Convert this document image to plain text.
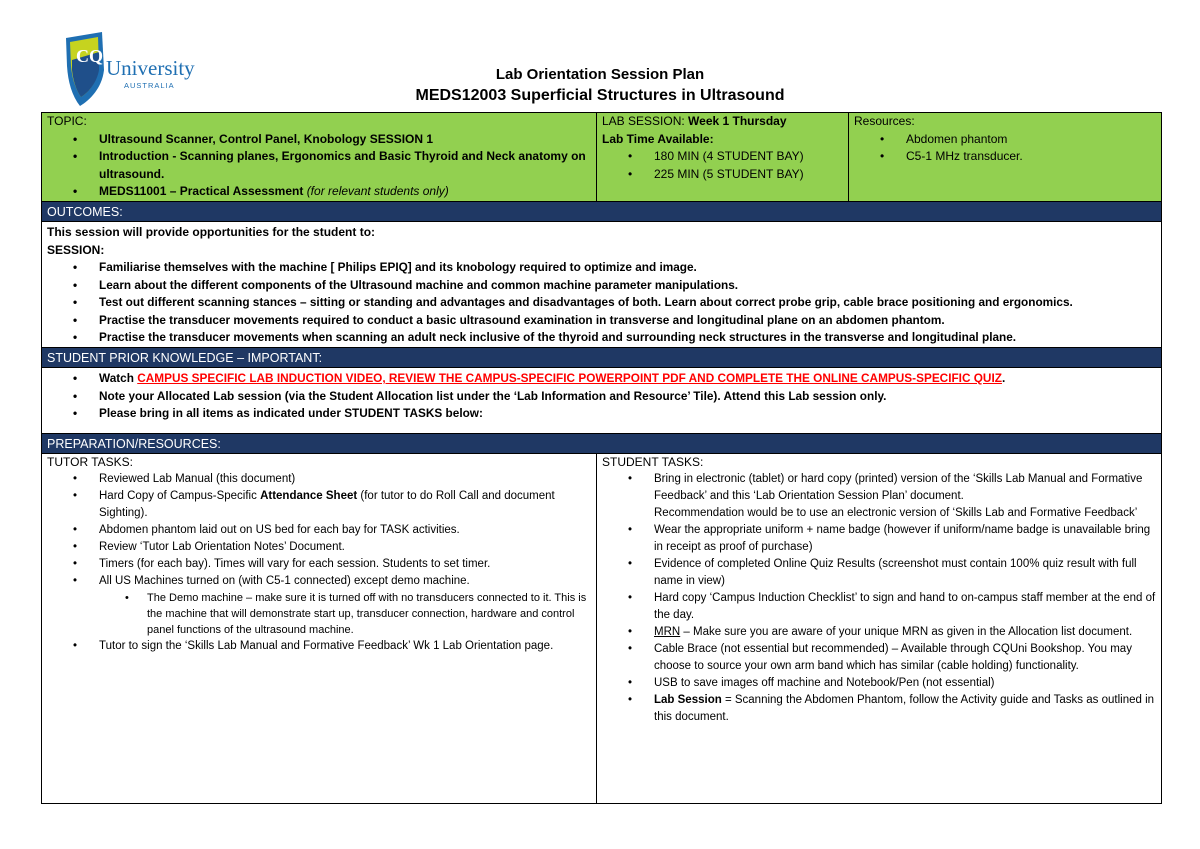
CQ University
AUSTRALIA
Lab Orientation Session Plan
MEDS12003 Superficial Structures in Ultrasound
TOPIC:
• Ultrasound Scanner, Control Panel, Knobology SESSION 1
• Introduction - Scanning planes, Ergonomics and Basic Thyroid and Neck anatomy on ultrasound.
• MEDS11001 – Practical Assessment (for relevant students only)
LAB SESSION: Week 1 Thursday
Lab Time Available:
• 180 MIN (4 STUDENT BAY)
• 225 MIN (5 STUDENT BAY)
Resources:
• Abdomen phantom
• C5-1 MHz transducer.
OUTCOMES:
This session will provide opportunities for the student to:
SESSION:
• Familiarise themselves with the machine [ Philips EPIQ] and its knobology required to optimize and image.
• Learn about the different components of the Ultrasound machine and common machine parameter manipulations.
• Test out different scanning stances – sitting or standing and advantages and disadvantages of both. Learn about correct probe grip, cable brace positioning and ergonomics.
• Practise the transducer movements required to conduct a basic ultrasound examination in transverse and longitudinal plane on an abdomen phantom.
• Practise the transducer movements when scanning an adult neck inclusive of the thyroid and surrounding neck structures in the transverse and longitudinal plane.
STUDENT PRIOR KNOWLEDGE – IMPORTANT:
• Watch CAMPUS SPECIFIC LAB INDUCTION VIDEO, REVIEW THE CAMPUS-SPECIFIC POWERPOINT PDF AND COMPLETE THE ONLINE CAMPUS-SPECIFIC QUIZ.
• Note your Allocated Lab session (via the Student Allocation list under the ‘Lab Information and Resource’ Tile). Attend this Lab session only.
• Please bring in all items as indicated under STUDENT TASKS below:
PREPARATION/RESOURCES:
TUTOR TASKS:
• Reviewed Lab Manual (this document)
• Hard Copy of Campus-Specific Attendance Sheet (for tutor to do Roll Call and document Sighting).
• Abdomen phantom laid out on US bed for each bay for TASK activities.
• Review ‘Tutor Lab Orientation Notes’ Document.
• Timers (for each bay). Times will vary for each session. Students to set timer.
• All US Machines turned on (with C5-1 connected) except demo machine.
• The Demo machine – make sure it is turned off with no transducers connected to it. This is the machine that will demonstrate start up, transducer connection, hardware and control panel functions of the ultrasound machine.
• Tutor to sign the ‘Skills Lab Manual and Formative Feedback’ Wk 1 Lab Orientation page.
STUDENT TASKS:
• Bring in electronic (tablet) or hard copy (printed) version of the ‘Skills Lab Manual and Formative Feedback’ and this ‘Lab Orientation Session Plan’ document.
Recommendation would be to use an electronic version of ‘Skills Lab and Formative Feedback’
• Wear the appropriate uniform + name badge (however if uniform/name badge is unavailable bring in receipt as proof of purchase)
• Evidence of completed Online Quiz Results (screenshot must contain 100% quiz result with full name in view)
• Hard copy ‘Campus Induction Checklist’ to sign and hand to on-campus staff member at the end of the day.
• MRN – Make sure you are aware of your unique MRN as given in the Allocation list document.
• Cable Brace (not essential but recommended) – Available through CQUni Bookshop. You may choose to source your own arm band which has similar (cable holding) functionality.
• USB to save images off machine and Notebook/Pen (not essential)
• Lab Session = Scanning the Abdomen Phantom, follow the Activity guide and Tasks as outlined in this document.
